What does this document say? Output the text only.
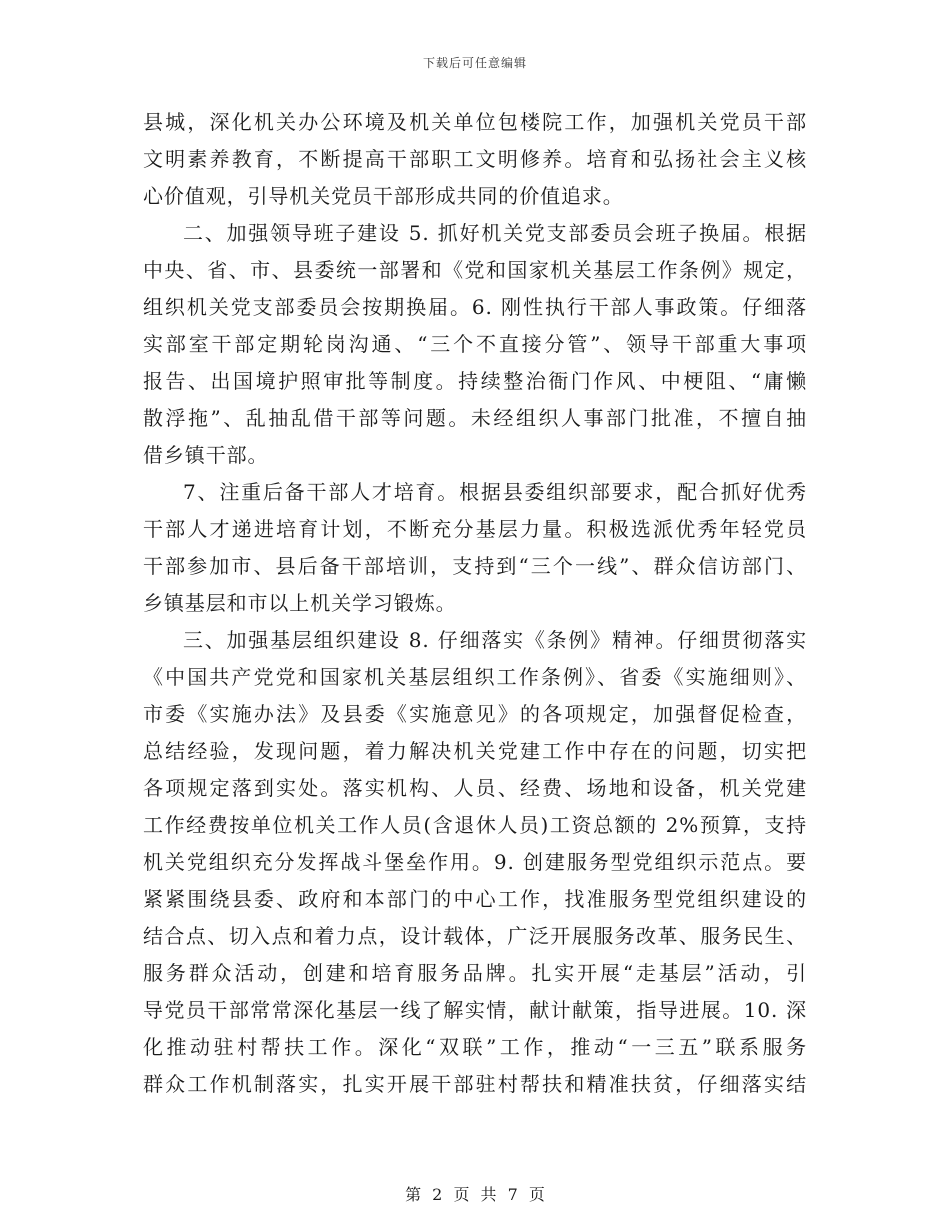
下载后可任意编辑
县城，深化机关办公环境及机关单位包楼院工作，加强机关党员干部
文明素养教育，不断提高干部职工文明修养。培育和弘扬社会主义核
心价值观，引导机关党员干部形成共同的价值追求。
二、加强领导班子建设 5. 抓好机关党支部委员会班子换届。根据
中央、省、市、县委统一部署和《党和国家机关基层工作条例》规定，
组织机关党支部委员会按期换届。6. 刚性执行干部人事政策。仔细落
实部室干部定期轮岗沟通、“三个不直接分管”、领导干部重大事项
报告、出国境护照审批等制度。持续整治衙门作风、中梗阻、“庸懒
散浮拖”、乱抽乱借干部等问题。未经组织人事部门批准，不擅自抽
借乡镇干部。
7、注重后备干部人才培育。根据县委组织部要求，配合抓好优秀
干部人才递进培育计划，不断充分基层力量。积极选派优秀年轻党员
干部参加市、县后备干部培训，支持到“三个一线”、群众信访部门、
乡镇基层和市以上机关学习锻炼。
三、加强基层组织建设 8. 仔细落实《条例》精神。仔细贯彻落实
《中国共产党党和国家机关基层组织工作条例》、省委《实施细则》、
市委《实施办法》及县委《实施意见》的各项规定，加强督促检查，
总结经验，发现问题，着力解决机关党建工作中存在的问题，切实把
各项规定落到实处。落实机构、人员、经费、场地和设备，机关党建
工作经费按单位机关工作人员(含退休人员)工资总额的 2%预算，支持
机关党组织充分发挥战斗堡垒作用。9. 创建服务型党组织示范点。要
紧紧围绕县委、政府和本部门的中心工作，找准服务型党组织建设的
结合点、切入点和着力点，设计载体，广泛开展服务改革、服务民生、
服务群众活动，创建和培育服务品牌。扎实开展“走基层”活动，引
导党员干部常常深化基层一线了解实情，献计献策，指导进展。10. 深
化推动驻村帮扶工作。深化“双联”工作，推动“一三五”联系服务
群众工作机制落实，扎实开展干部驻村帮扶和精准扶贫，仔细落实结
第 2 页 共 7 页
